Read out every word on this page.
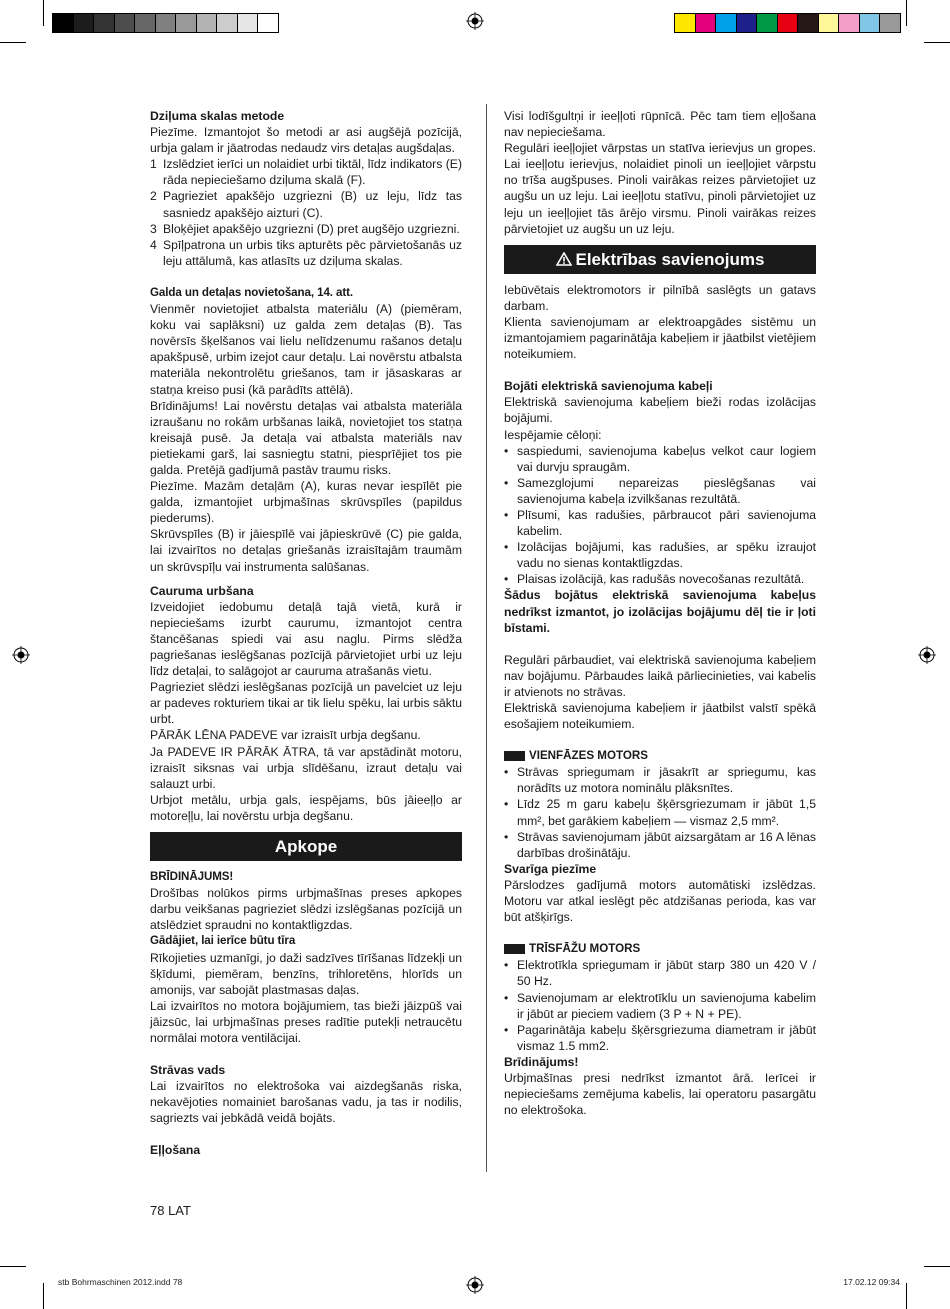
Dziļuma skalas metode

Piezīme. Izmantojot šo metodi ar asi augšējā pozīcijā, urbja galam ir jāatrodas nedaudz virs detaļas augšdaļas.

1 Izslēdziet ierīci un nolaidiet urbi tiktāl, līdz indikators (E) rāda nepieciešamo dziļuma skalā (F).
2 Pagrieziet apakšējo uzgriezni (B) uz leju, līdz tas sasniedz apakšējo aizturi (C).
3 Bloķējiet apakšējo uzgriezni (D) pret augšējo uzgriezni.
4 Spīļpatrona un urbis tiks apturēts pēc pārvietošanās uz leju attālumā, kas atlasīts uz dziļuma skalas.

Galda un detaļas novietošana, 14. att.

Vienmēr novietojiet atbalsta materiālu (A) (piemēram, koku vai saplāksni) uz galda zem detaļas (B). Tas novērsīs šķelšanos vai lielu nelīdzenumu rašanos detaļu apakšpusē, urbim izejot caur detaļu. Lai novērstu atbalsta materiāla nekontrolētu griešanos, tam ir jāsaskaras ar statņa kreiso pusi (kā parādīts attēlā).

Brīdinājums! Lai novērstu detaļas vai atbalsta materiāla izraušanu no rokām urbšanas laikā, novietojiet tos statņa kreisajā pusē. Ja detaļa vai atbalsta materiāls nav pietiekami garš, lai sasniegtu statni, piesprīējiet tos pie galda. Pretējā gadījumā pastāv traumu risks.

Piezīme. Mazām detaļām (A), kuras nevar iespīlēt pie galda, izmantojiet urbjmašīnas skrūvspīles (papildus piederums).

Skrūvspīles (B) ir jāiespīlē vai jāpieskrūvē (C) pie galda, lai izvairītos no detaļas griešanās izraisītajām traumām un skrūvspīļu vai instrumenta salūšanas.

Cauruma urbšana

Izveidojiet iedobumu detaļā tajā vietā, kurā ir nepieciešams izurbt caurumu, izmantojot centra štancēšanas spiedi vai asu naglu. Pirms slēdža pagriešanas ieslēgšanas pozīcijā pārvietojiet urbi uz leju līdz detaļai, to salāgojot ar cauruma atrašanās vietu.

Pagrieziet slēdzi ieslēgšanas pozīcijā un pavelciet uz leju ar padeves rokturiem tikai ar tik lielu spēku, lai urbis sāktu urbt.

PĀRĀK LĒNA PADEVE var izraisīt urbja degšanu.

Ja PADEVE IR PĀRĀK ĀTRA, tā var apstādināt motoru, izraisīt siksnas vai urbja slīdēšanu, izraut detaļu vai salauzt urbi.

Urbjot metālu, urbja gals, iespējams, būs jāieeļļo ar motoreļļu, lai novērstu urbja degšanu.

Apkope

BRĪDINĀJUMS!

Drošības nolūkos pirms urbjmašīnas preses apkopes darbu veikšanas pagrieziet slēdzi izslēgšanas pozīcijā un atslēdziet spraudni no kontaktligzdas.

Gādājiet, lai ierīce būtu tīra

Rīkojieties uzmanīgi, jo daži sadzīves tīrīšanas līdzekļi un šķīdumi, piemēram, benzīns, trihloretēns, hlorīds un amonijs, var sabojāt plastmasas daļas.

Lai izvairītos no motora bojājumiem, tas bieži jāizpūš vai jāizsūc, lai urbjmašīnas preses radītie putekļi netraucētu normālai motora ventilācijai.

Strāvas vads

Lai izvairītos no elektrošoka vai aizdegšanās riska, nekavējoties nomainiet barošanas vadu, ja tas ir nodilis, sagriezts vai jebkādā veidā bojāts.

Eļļošana

Visi lodīšgultņi ir ieeļļoti rūpnīcā. Pēc tam tiem eļļošana nav nepieciešama.

Regulāri ieeļļojiet vārpstas un statīva ierievjus un gropes. Lai ieeļļotu ierievjus, nolaidiet pinoli un ieeļļojiet vārpstu no trīša augšpuses. Pinoli vairākas reizes pārvietojiet uz augšu un uz leju. Lai ieeļļotu statīvu, pinoli pārvietojiet uz leju un ieeļļojiet tās ārējo virsmu. Pinoli vairākas reizes pārvietojiet uz augšu un uz leju.

Elektrības savienojums

Iebūvētais elektromotors ir pilnībā saslēgts un gatavs darbam.

Klienta savienojumam ar elektroapgādes sistēmu un izmantojamiem pagarinātāja kabeļiem ir jāatbilst vietējiem noteikumiem.

Bojāti elektriskā savienojuma kabeļi

Elektriskā savienojuma kabeļiem bieži rodas izolācijas bojājumi.

Iespējamie cēloņi:

• saspiedumi, savienojuma kabeļus velkot caur logiem vai durvju spraugām.
• Samezglojumi nepareizas pieslēgšanas vai savienojuma kabeļa izvilkšanas rezultātā.
• Plīsumi, kas radušies, pārbraucot pāri savienojuma kabelim.
• Izolācijas bojājumi, kas radušies, ar spēku izraujot vadu no sienas kontaktligzdas.
• Plaisas izolācijā, kas radušās novecošanas rezultātā.

Šādus bojātus elektriskā savienojuma kabeļus nedrīkst izmantot, jo izolācijas bojājumu dēļ tie ir ļoti bīstami.

Regulāri pārbaudiet, vai elektriskā savienojuma kabeļiem nav bojājumu. Pārbaudes laikā pārliecinieties, vai kabelis ir atvienots no strāvas.

Elektriskā savienojuma kabeļiem ir jāatbilst valstī spēkā esošajiem noteikumiem.

VIENFĀZES MOTORS
• Strāvas spriegumam ir jāsakrīt ar spriegumu, kas norādīts uz motora nominālu plāksnītes.
• Līdz 25 m garu kabeļu šķērsgriezumam ir jābūt 1,5 mm², bet garākiem kabeļiem — vismaz 2,5 mm².
• Strāvas savienojumam jābūt aizsargātam ar 16 A lēnas darbības drošinātāju.

Svarīga piezīme

Pārslodzes gadījumā motors automātiski izslēdzas. Motoru var atkal ieslēgt pēc atdzišanas perioda, kas var būt atšķirīgs.

TRĪSFĀŽU MOTORS
• Elektrotīkla spriegumam ir jābūt starp 380 un 420 V / 50 Hz.
• Savienojumam ar elektrotīklu un savienojuma kabelim ir jābūt ar pieciem vadiem (3 P + N + PE).
• Pagarinātāja kabeļu šķērsgriezuma diametram ir jābūt vismaz 1.5 mm2.

Brīdinājums!

Urbjmašīnas presi nedrīkst izmantot ārā. Ierīcei ir nepieciešams zemējuma kabelis, lai operatoru pasargātu no elektrošoka.

78 LAT
stb Bohrmaschinen 2012.indd 78	17.02.12 09:34
